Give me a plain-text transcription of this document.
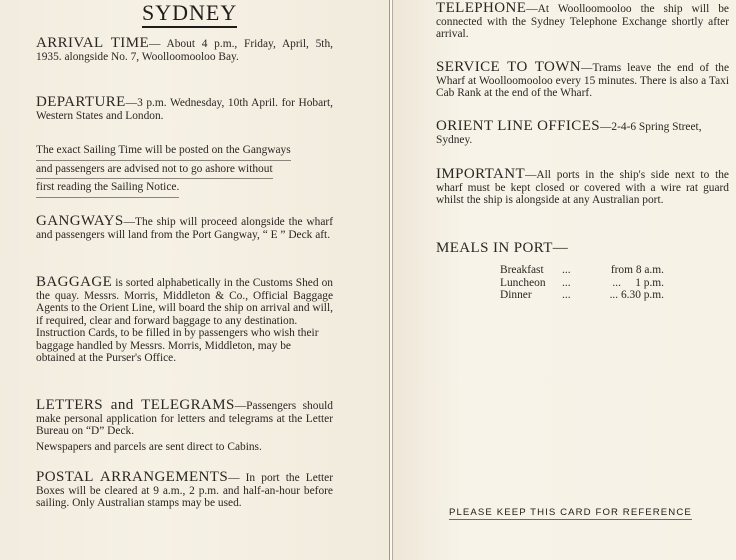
SYDNEY

ARRIVAL TIME— About 4 p.m., Friday, April, 5th, 1935. alongside No. 7, Woolloomooloo Bay.

DEPARTURE—3 p.m. Wednesday, 10th April. for Hobart, Western States and London.

The exact Sailing Time will be posted on the Gangways

and passengers are advised not to go ashore without

first reading the Sailing Notice.

GANGWAYS—The ship will proceed alongside the wharf and passengers will land from the Port Gangway, “ E ” Deck aft.

BAGGAGE is sorted alphabetically in the Customs Shed on the quay. Messrs. Morris, Middleton & Co., Official Baggage Agents to the Orient Line, will board the ship on arrival and will, if required, clear and forward baggage to any destination.

Instruction Cards, to be filled in by passengers who wish their baggage handled by Messrs. Morris, Middleton, may be obtained at the Purser's Office.

LETTERS and TELEGRAMS—Passengers should make personal application for letters and telegrams at the Letter Bureau on “D” Deck.

Newspapers and parcels are sent direct to Cabins.

POSTAL ARRANGEMENTS— In port the Letter Boxes will be cleared at 9 a.m., 2 p.m. and half-an-hour before sailing. Only Australian stamps may be used.

TELEPHONE—At Woolloomooloo the ship will be connected with the Sydney Telephone Exchange shortly after arrival.

SERVICE TO TOWN—Trams leave the end of the Wharf at Woolloomooloo every 15 minutes. There is also a Taxi Cab Rank at the end of the Wharf.

ORIENT LINE OFFICES—2-4-6 Spring Street, Sydney.

IMPORTANT—All ports in the ship's side next to the wharf must be kept closed or covered with a wire rat guard whilst the ship is alongside at any Australian port.

MEALS IN PORT—
Breakfast	...	from 8 a.m.
Luncheon	...	...     1 p.m.
Dinner	...	... 6.30 p.m.
PLEASE KEEP THIS CARD FOR REFERENCE
